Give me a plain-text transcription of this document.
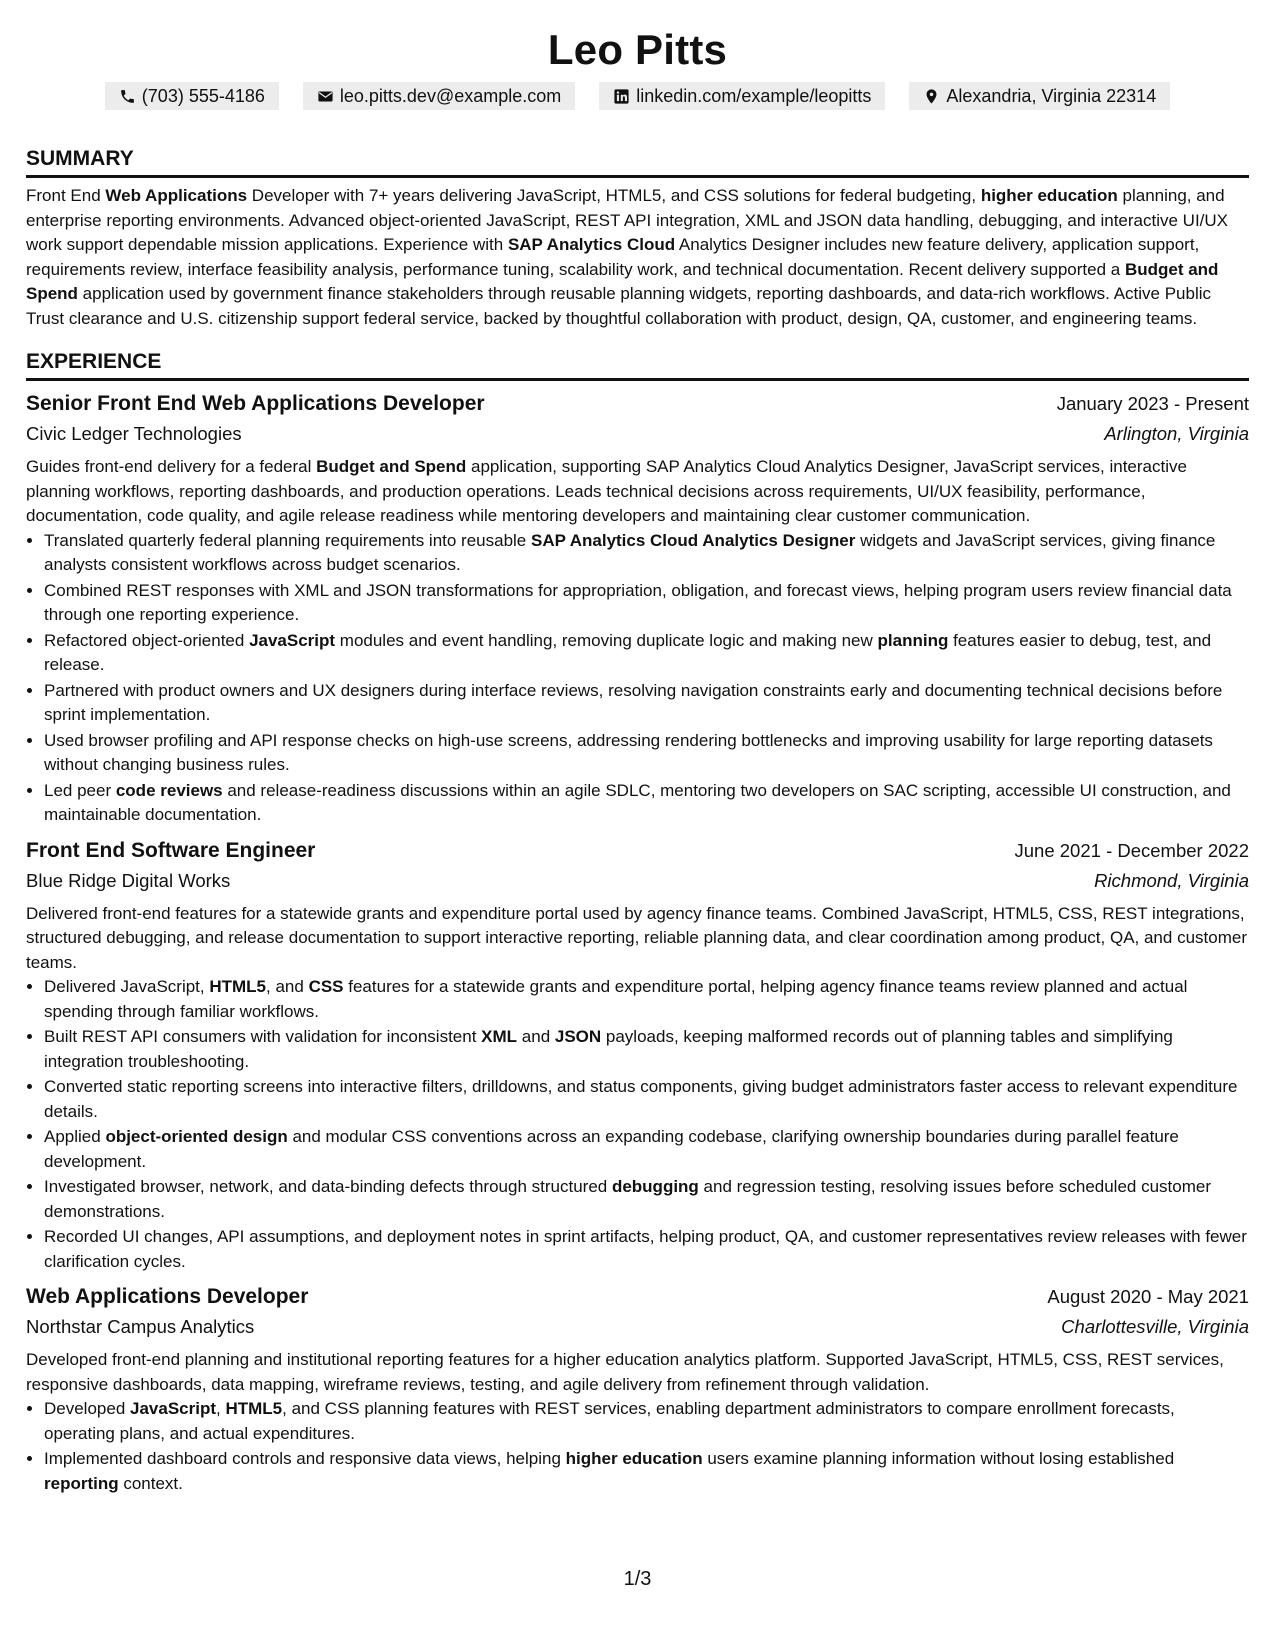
Leo Pitts
(703) 555-4186	leo.pitts.dev@example.com	linkedin.com/example/leopitts	Alexandria, Virginia 22314
SUMMARY

Front End Web Applications Developer with 7+ years delivering JavaScript, HTML5, and CSS solutions for federal budgeting, higher education planning, and enterprise reporting environments. Advanced object-oriented JavaScript, REST API integration, XML and JSON data handling, debugging, and interactive UI/UX work support dependable mission applications. Experience with SAP Analytics Cloud Analytics Designer includes new feature delivery, application support, requirements review, interface feasibility analysis, performance tuning, scalability work, and technical documentation. Recent delivery supported a Budget and Spend application used by government finance stakeholders through reusable planning widgets, reporting dashboards, and data-rich workflows. Active Public Trust clearance and U.S. citizenship support federal service, backed by thoughtful collaboration with product, design, QA, customer, and engineering teams.

EXPERIENCE
Senior Front End Web Applications Developer	January 2023 - Present
Civic Ledger Technologies	Arlington, Virginia
Guides front-end delivery for a federal Budget and Spend application, supporting SAP Analytics Cloud Analytics Designer, JavaScript services, interactive planning workflows, reporting dashboards, and production operations. Leads technical decisions across requirements, UI/UX feasibility, performance, documentation, code quality, and agile release readiness while mentoring developers and maintaining clear customer communication.
• Translated quarterly federal planning requirements into reusable SAP Analytics Cloud Analytics Designer widgets and JavaScript services, giving finance analysts consistent workflows across budget scenarios.
• Combined REST responses with XML and JSON transformations for appropriation, obligation, and forecast views, helping program users review financial data through one reporting experience.
• Refactored object-oriented JavaScript modules and event handling, removing duplicate logic and making new planning features easier to debug, test, and release.
• Partnered with product owners and UX designers during interface reviews, resolving navigation constraints early and documenting technical decisions before sprint implementation.
• Used browser profiling and API response checks on high-use screens, addressing rendering bottlenecks and improving usability for large reporting datasets without changing business rules.
• Led peer code reviews and release-readiness discussions within an agile SDLC, mentoring two developers on SAC scripting, accessible UI construction, and maintainable documentation.
Front End Software Engineer	June 2021 - December 2022
Blue Ridge Digital Works	Richmond, Virginia
Delivered front-end features for a statewide grants and expenditure portal used by agency finance teams. Combined JavaScript, HTML5, CSS, REST integrations, structured debugging, and release documentation to support interactive reporting, reliable planning data, and clear coordination among product, QA, and customer teams.
• Delivered JavaScript, HTML5, and CSS features for a statewide grants and expenditure portal, helping agency finance teams review planned and actual spending through familiar workflows.
• Built REST API consumers with validation for inconsistent XML and JSON payloads, keeping malformed records out of planning tables and simplifying integration troubleshooting.
• Converted static reporting screens into interactive filters, drilldowns, and status components, giving budget administrators faster access to relevant expenditure details.
• Applied object-oriented design and modular CSS conventions across an expanding codebase, clarifying ownership boundaries during parallel feature development.
• Investigated browser, network, and data-binding defects through structured debugging and regression testing, resolving issues before scheduled customer demonstrations.
• Recorded UI changes, API assumptions, and deployment notes in sprint artifacts, helping product, QA, and customer representatives review releases with fewer clarification cycles.
Web Applications Developer	August 2020 - May 2021
Northstar Campus Analytics	Charlottesville, Virginia
Developed front-end planning and institutional reporting features for a higher education analytics platform. Supported JavaScript, HTML5, CSS, REST services, responsive dashboards, data mapping, wireframe reviews, testing, and agile delivery from refinement through validation.
• Developed JavaScript, HTML5, and CSS planning features with REST services, enabling department administrators to compare enrollment forecasts, operating plans, and actual expenditures.
• Implemented dashboard controls and responsive data views, helping higher education users examine planning information without losing established reporting context.
1/3
